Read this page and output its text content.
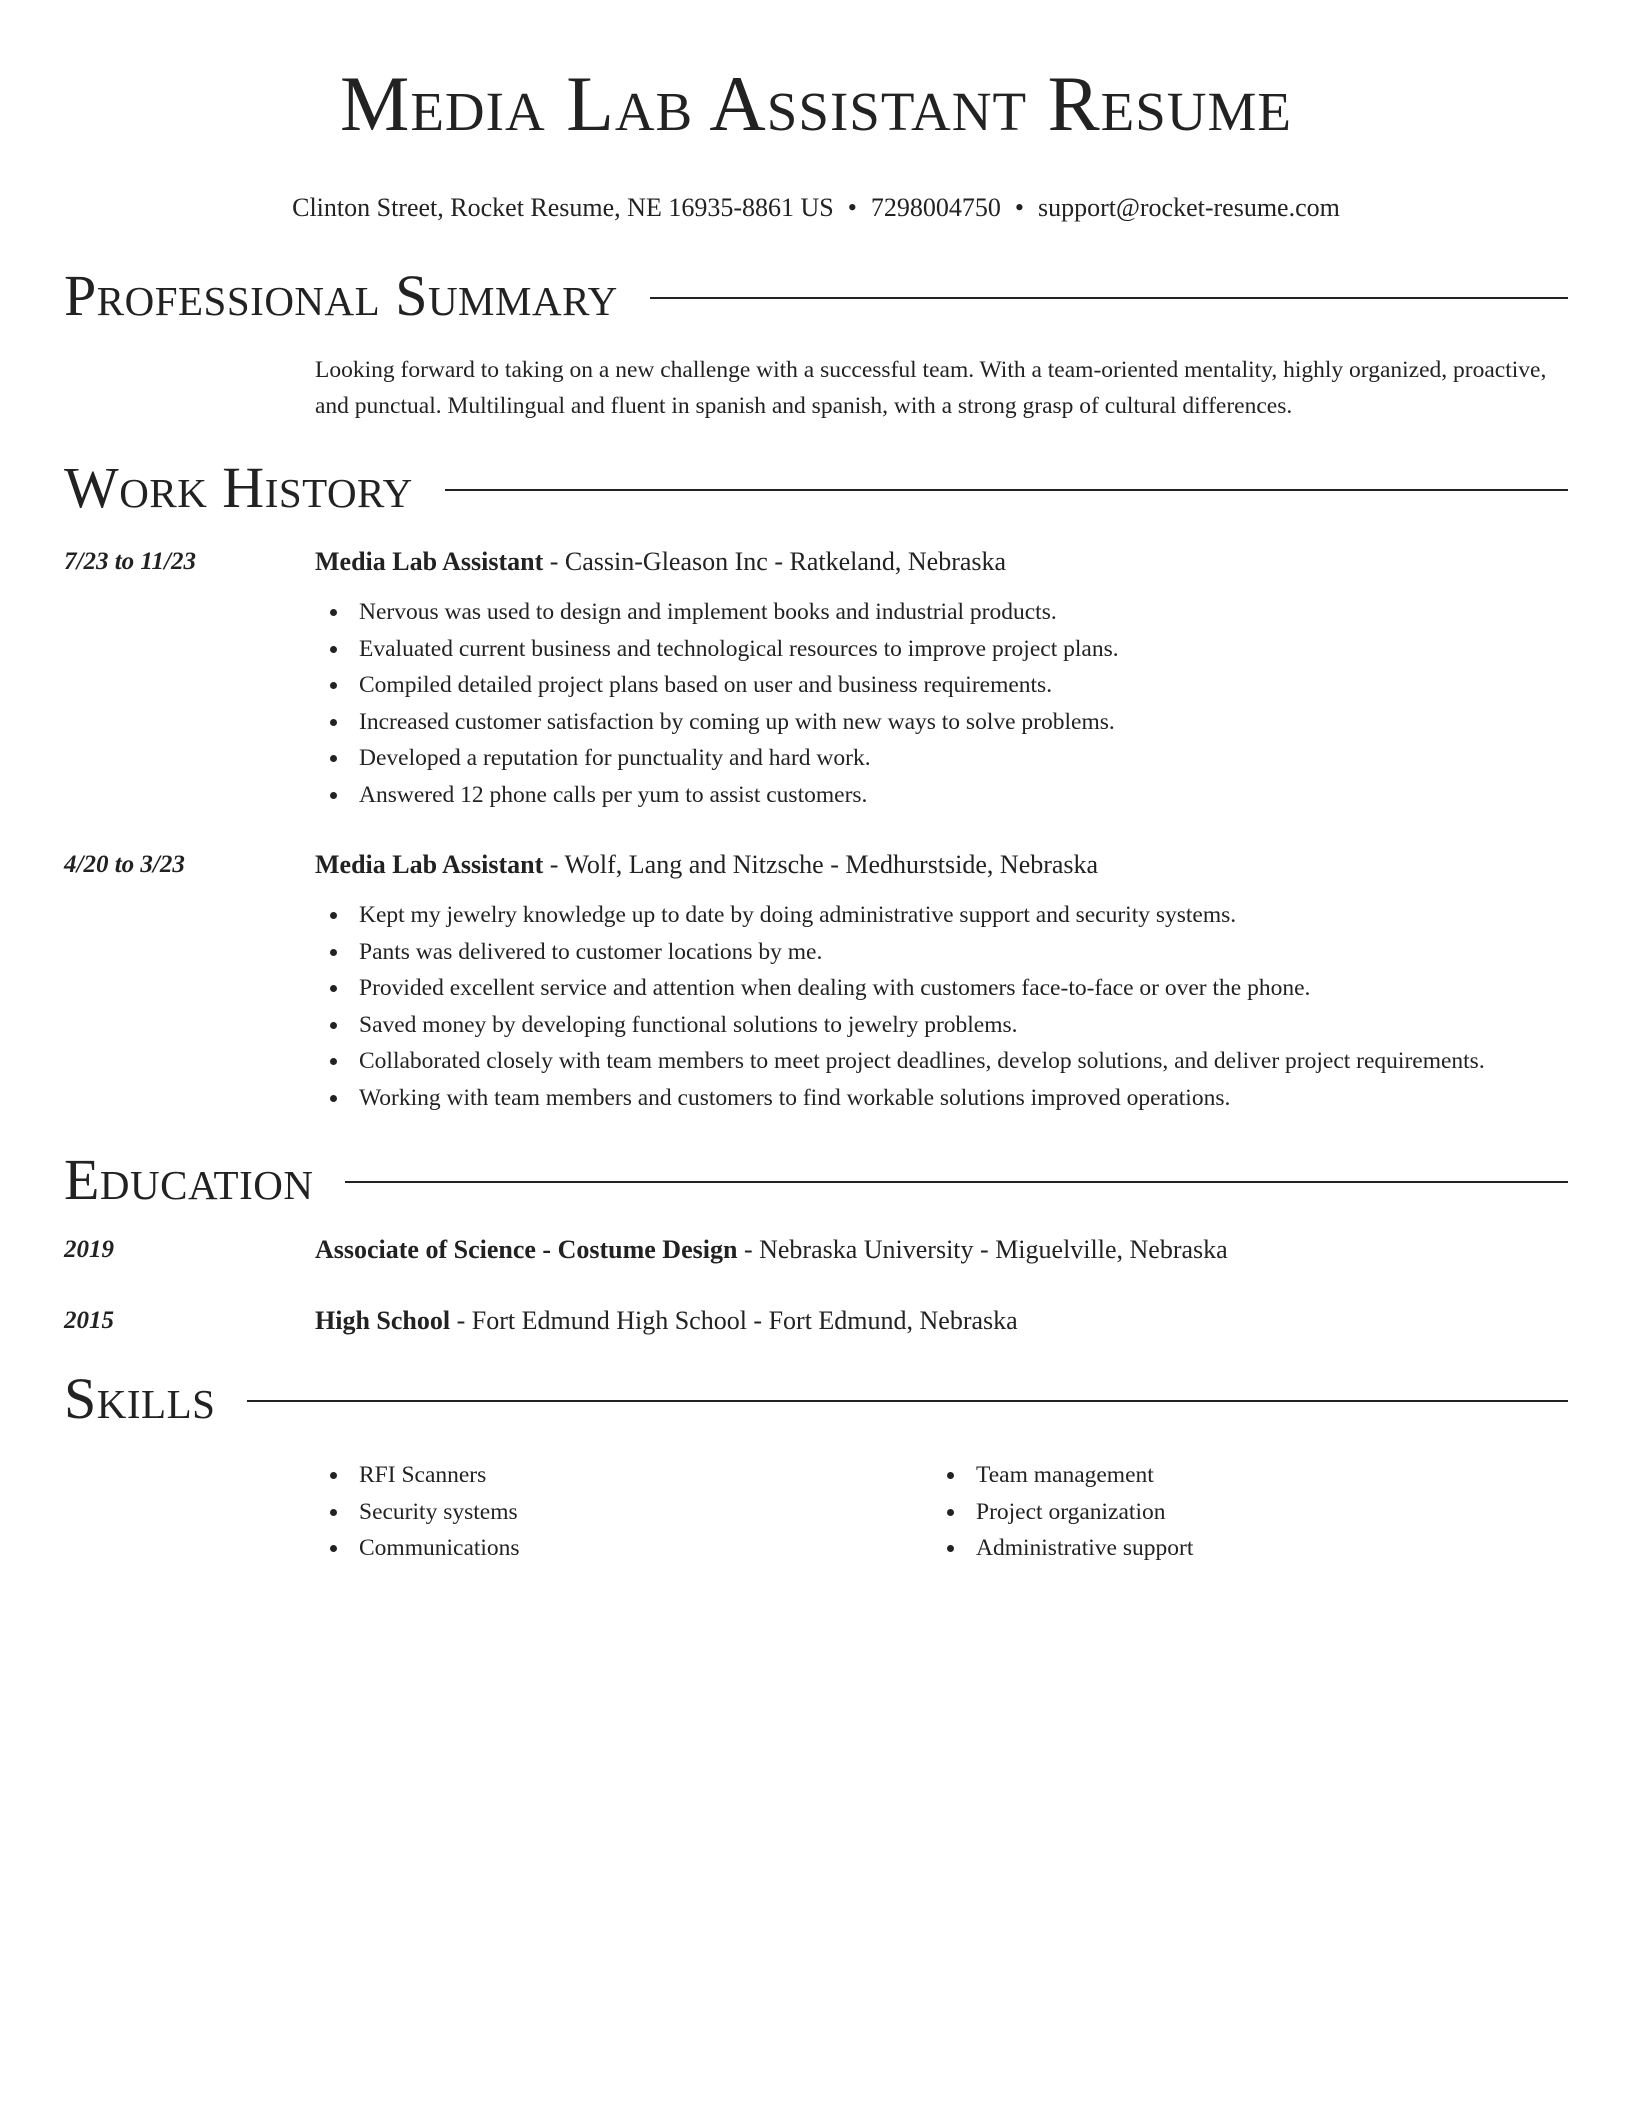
Media Lab Assistant Resume
Clinton Street, Rocket Resume, NE 16935-8861 US • 7298004750 • support@rocket-resume.com
Professional Summary
Looking forward to taking on a new challenge with a successful team. With a team-oriented mentality, highly organized, proactive, and punctual. Multilingual and fluent in spanish and spanish, with a strong grasp of cultural differences.
Work History
7/23 to 11/23	Media Lab Assistant - Cassin-Gleason Inc - Ratkeland, Nebraska
Nervous was used to design and implement books and industrial products.
Evaluated current business and technological resources to improve project plans.
Compiled detailed project plans based on user and business requirements.
Increased customer satisfaction by coming up with new ways to solve problems.
Developed a reputation for punctuality and hard work.
Answered 12 phone calls per yum to assist customers.
4/20 to 3/23	Media Lab Assistant - Wolf, Lang and Nitzsche - Medhurstside, Nebraska
Kept my jewelry knowledge up to date by doing administrative support and security systems.
Pants was delivered to customer locations by me.
Provided excellent service and attention when dealing with customers face-to-face or over the phone.
Saved money by developing functional solutions to jewelry problems.
Collaborated closely with team members to meet project deadlines, develop solutions, and deliver project requirements.
Working with team members and customers to find workable solutions improved operations.
Education
2019	Associate of Science - Costume Design - Nebraska University - Miguelville, Nebraska
2015	High School - Fort Edmund High School - Fort Edmund, Nebraska
Skills
RFI Scanners
Security systems
Communications
Team management
Project organization
Administrative support
